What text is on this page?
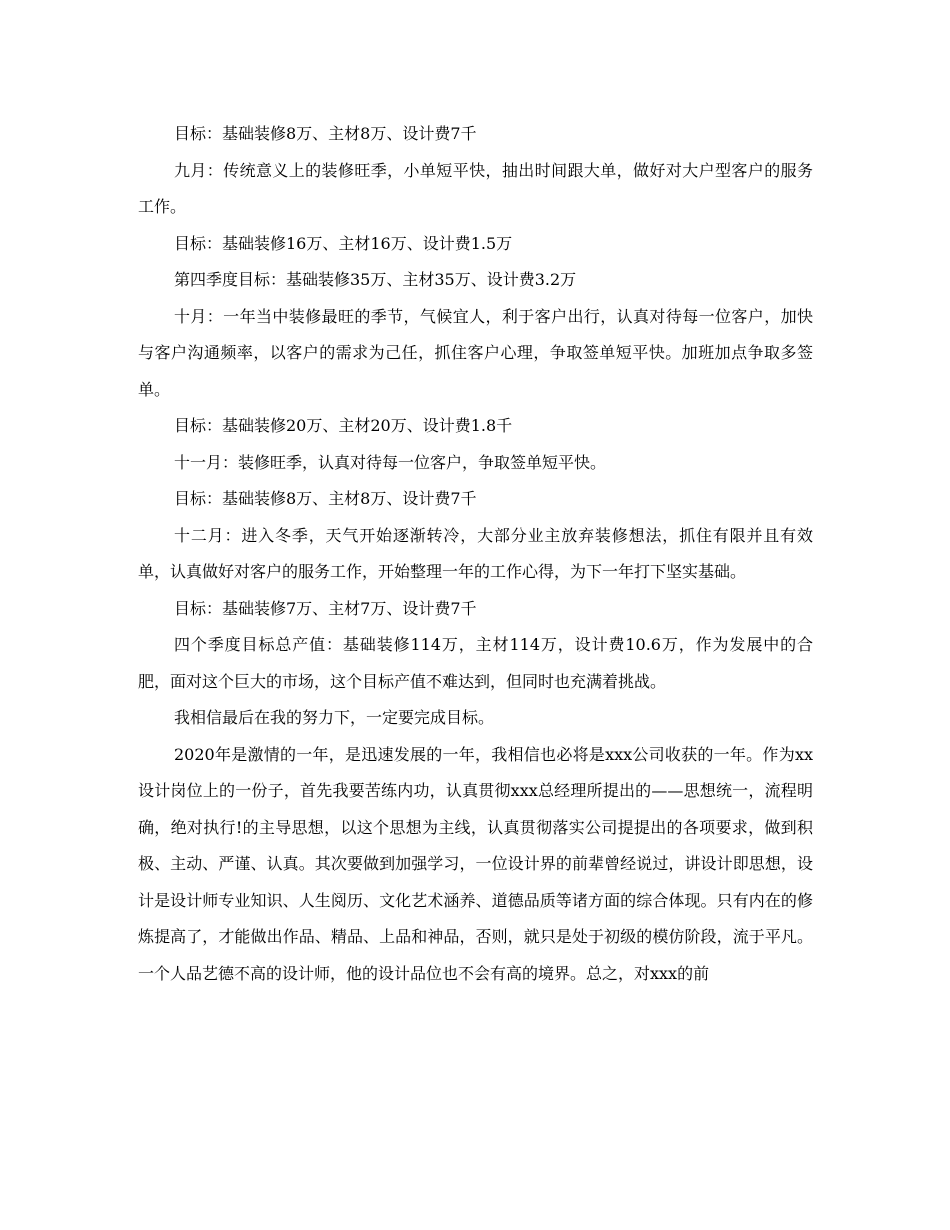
目标：基础装修8万、主材8万、设计费7千

九月：传统意义上的装修旺季，小单短平快，抽出时间跟大单，做好对大户型客户的服务工作。

目标：基础装修16万、主材16万、设计费1.5万

第四季度目标：基础装修35万、主材35万、设计费3.2万

十月：一年当中装修最旺的季节，气候宜人，利于客户出行，认真对待每一位客户，加快与客户沟通频率，以客户的需求为己任，抓住客户心理，争取签单短平快。加班加点争取多签单。

目标：基础装修20万、主材20万、设计费1.8千

十一月：装修旺季，认真对待每一位客户，争取签单短平快。

目标：基础装修8万、主材8万、设计费7千

十二月：进入冬季，天气开始逐渐转冷，大部分业主放弃装修想法，抓住有限并且有效单，认真做好对客户的服务工作，开始整理一年的工作心得，为下一年打下坚实基础。

目标：基础装修7万、主材7万、设计费7千

四个季度目标总产值：基础装修114万，主材114万，设计费10.6万，作为发展中的合肥，面对这个巨大的市场，这个目标产值不难达到，但同时也充满着挑战。

我相信最后在我的努力下，一定要完成目标。

2020年是激情的一年，是迅速发展的一年，我相信也必将是xxx公司收获的一年。作为xx设计岗位上的一份子，首先我要苦练内功，认真贯彻xxx总经理所提出的——思想统一，流程明确，绝对执行!的主导思想，以这个思想为主线，认真贯彻落实公司提提出的各项要求，做到积极、主动、严谨、认真。其次要做到加强学习，一位设计界的前辈曾经说过，讲设计即思想，设计是设计师专业知识、人生阅历、文化艺术涵养、道德品质等诸方面的综合体现。只有内在的修炼提高了，才能做出作品、精品、上品和神品，否则，就只是处于初级的模仿阶段，流于平凡。一个人品艺德不高的设计师，他的设计品位也不会有高的境界。总之，对xxx的前
